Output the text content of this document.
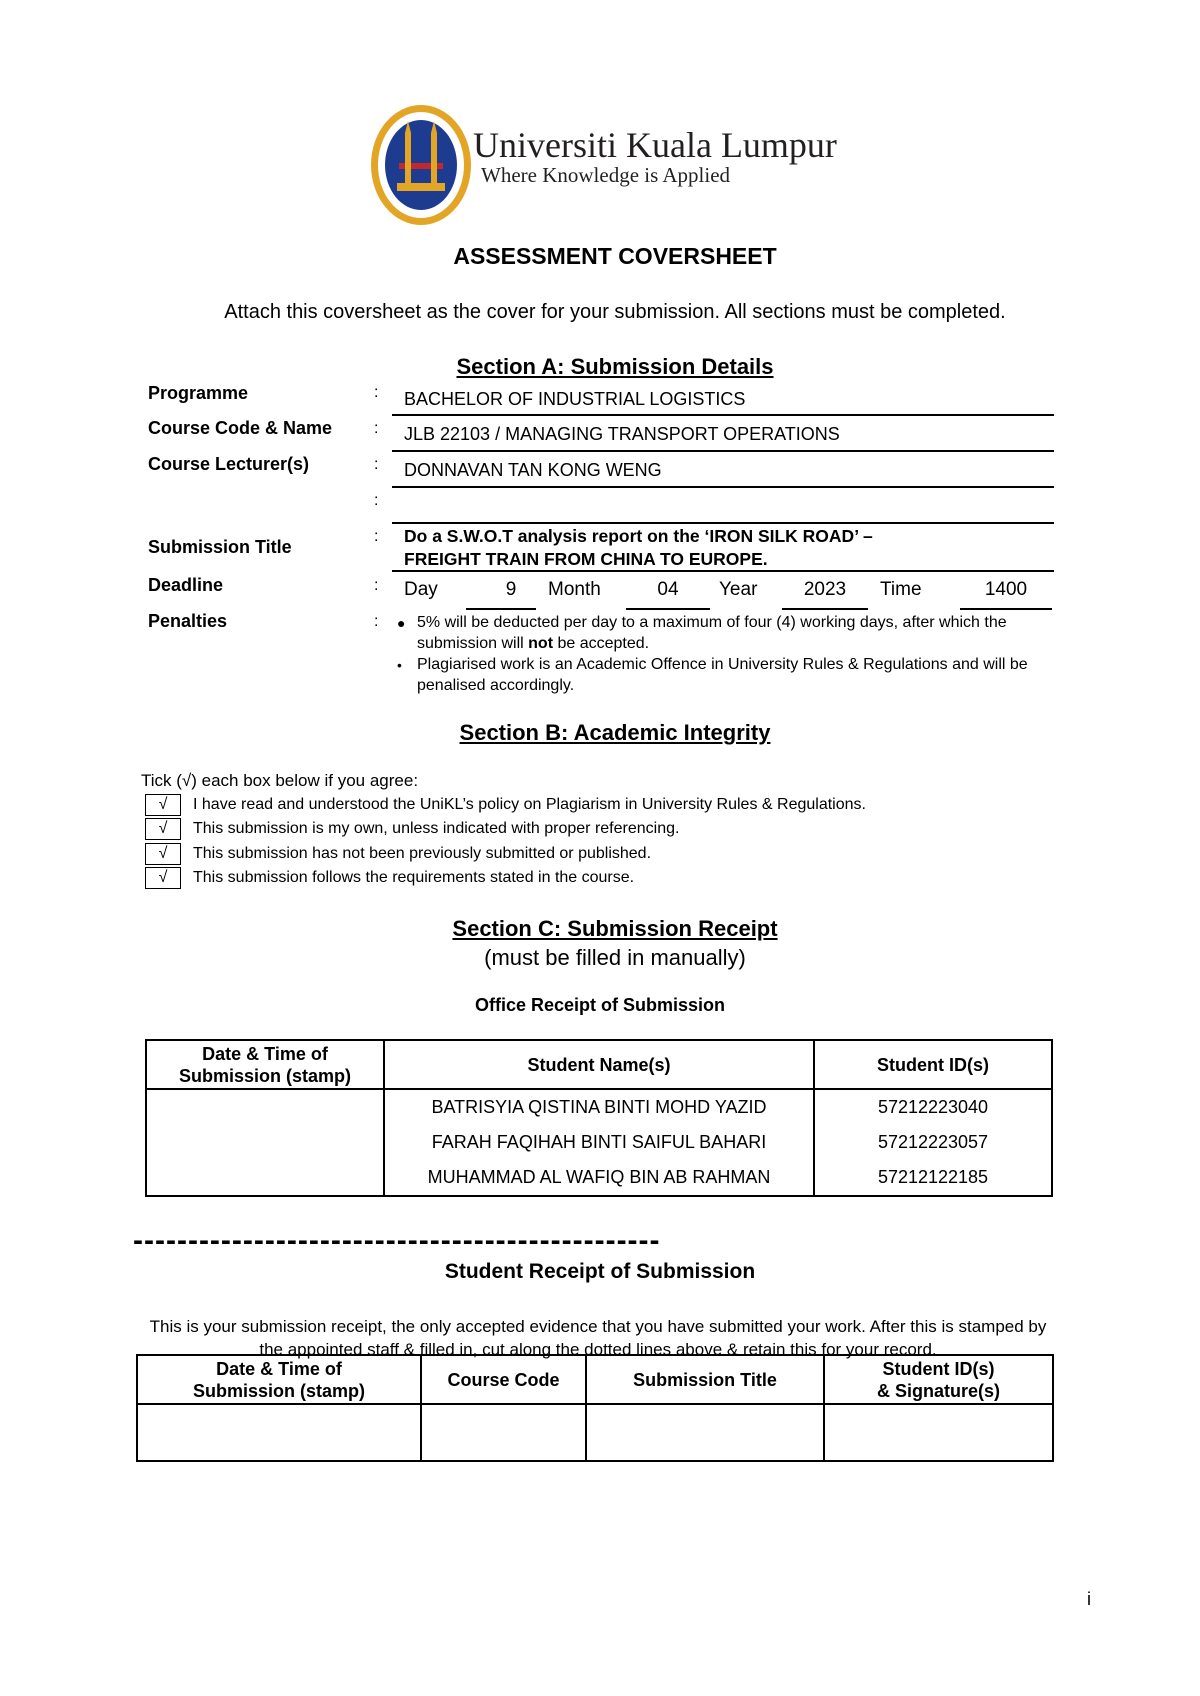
Universiti Kuala Lumpur
Where Knowledge is Applied
ASSESSMENT COVERSHEET
Attach this coversheet as the cover for your submission. All sections must be completed.
Section A: Submission Details
Programme	: BACHELOR OF INDUSTRIAL LOGISTICS
Course Code & Name	: JLB 22103 / MANAGING TRANSPORT OPERATIONS
Course Lecturer(s)	: DONNAVAN TAN KONG WENG
:
Submission Title
: Do a S.W.O.T analysis report on the ‘IRON SILK ROAD’ –
FREIGHT TRAIN FROM CHINA TO EUROPE.
Deadline	: Day	9	Month	04	Year	2023	Time	1400
Penalties	: ● 5% will be deducted per day to a maximum of four (4) working days, after which the submission will not be accepted.
• Plagiarised work is an Academic Offence in University Rules & Regulations and will be penalised accordingly.
Section B: Academic Integrity
Tick (√) each box below if you agree:
√	I have read and understood the UniKL’s policy on Plagiarism in University Rules & Regulations.
√	This submission is my own, unless indicated with proper referencing.
√	This submission has not been previously submitted or published.
√	This submission follows the requirements stated in the course.
Section C: Submission Receipt
(must be filled in manually)
Office Receipt of Submission
Date & Time of
Submission (stamp)	Student Name(s)	Student ID(s)
	BATRISYIA QISTINA BINTI MOHD YAZID	57212223040
	FARAH FAQIHAH BINTI SAIFUL BAHARI	57212223057
	MUHAMMAD AL WAFIQ BIN AB RAHMAN	57212122185
------------------------------------------------
Student Receipt of Submission
This is your submission receipt, the only accepted evidence that you have submitted your work. After this is stamped by the appointed staff & filled in, cut along the dotted lines above & retain this for your record.
Date & Time of
Submission (stamp)	Course Code	Submission Title	Student ID(s)
& Signature(s)

i
